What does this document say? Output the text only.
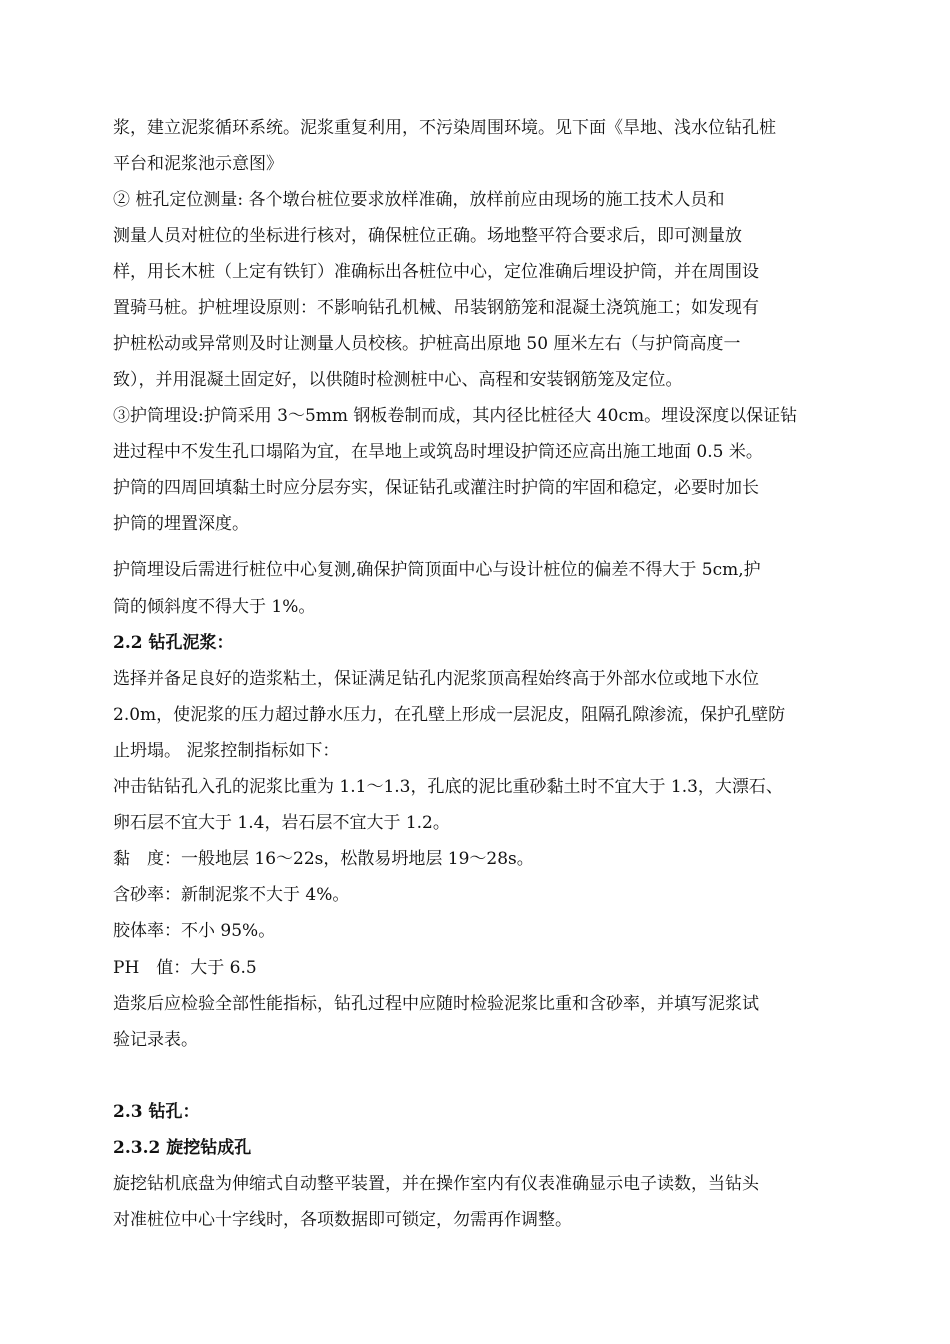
浆，建立泥浆循环系统。泥浆重复利用，不污染周围环境。见下面《旱地、浅水位钻孔桩
平台和泥浆池示意图》
② 桩孔定位测量: 各个墩台桩位要求放样准确，放样前应由现场的施工技术人员和
测量人员对桩位的坐标进行核对，确保桩位正确。场地整平符合要求后，即可测量放
样，用长木桩（上定有铁钉）准确标出各桩位中心，定位准确后埋设护筒，并在周围设
置骑马桩。护桩埋设原则：不影响钻孔机械、吊装钢筋笼和混凝土浇筑施工；如发现有
护桩松动或异常则及时让测量人员校核。护桩高出原地 50 厘米左右（与护筒高度一
致），并用混凝土固定好，以供随时检测桩中心、高程和安装钢筋笼及定位。
③护筒埋设:护筒采用 3～5mm 钢板卷制而成，其内径比桩径大 40cm。埋设深度以保证钻
进过程中不发生孔口塌陷为宜，在旱地上或筑岛时埋设护筒还应高出施工地面 0.5 米。
护筒的四周回填黏土时应分层夯实，保证钻孔或灌注时护筒的牢固和稳定，必要时加长
护筒的埋置深度。
护筒埋设后需进行桩位中心复测,确保护筒顶面中心与设计桩位的偏差不得大于 5cm,护
筒的倾斜度不得大于 1%。
2.2 钻孔泥浆：
选择并备足良好的造浆粘土，保证满足钻孔内泥浆顶高程始终高于外部水位或地下水位
2.0m，使泥浆的压力超过静水压力，在孔壁上形成一层泥皮，阻隔孔隙渗流，保护孔壁防
止坍塌。 泥浆控制指标如下：
冲击钻钻孔入孔的泥浆比重为 1.1～1.3，孔底的泥比重砂黏土时不宜大于 1.3，大漂石、
卵石层不宜大于 1.4，岩石层不宜大于 1.2。
黏　度：一般地层 16～22s，松散易坍地层 19～28s。
含砂率：新制泥浆不大于 4%。
胶体率：不小 95%。
PH　值：大于 6.5
造浆后应检验全部性能指标，钻孔过程中应随时检验泥浆比重和含砂率，并填写泥浆试
验记录表。
2.3 钻孔：
2.3.2 旋挖钻成孔
旋挖钻机底盘为伸缩式自动整平装置，并在操作室内有仪表准确显示电子读数，当钻头
对准桩位中心十字线时，各项数据即可锁定，勿需再作调整。
